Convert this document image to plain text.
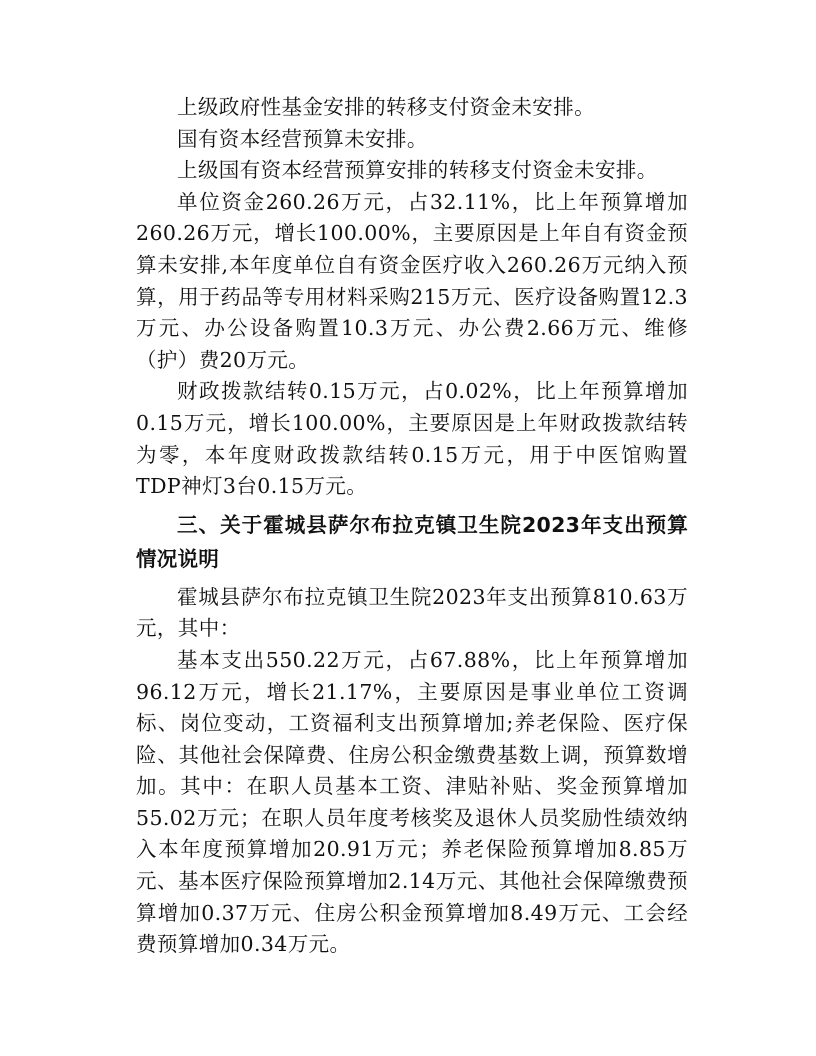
上级政府性基金安排的转移支付资金未安排。

国有资本经营预算未安排。

上级国有资本经营预算安排的转移支付资金未安排。

单位资金260.26万元，占32.11%，比上年预算增加260.26万元，增长100.00%，主要原因是上年自有资金预算未安排,本年度单位自有资金医疗收入260.26万元纳入预算，用于药品等专用材料采购215万元、医疗设备购置12.3万元、办公设备购置10.3万元、办公费2.66万元、维修（护）费20万元。

财政拨款结转0.15万元，占0.02%，比上年预算增加0.15万元，增长100.00%，主要原因是上年财政拨款结转为零，本年度财政拨款结转0.15万元，用于中医馆购置TDP神灯3台0.15万元。

三、关于霍城县萨尔布拉克镇卫生院2023年支出预算情况说明

霍城县萨尔布拉克镇卫生院2023年支出预算810.63万元，其中：

基本支出550.22万元，占67.88%，比上年预算增加96.12万元，增长21.17%，主要原因是事业单位工资调标、岗位变动，工资福利支出预算增加;养老保险、医疗保险、其他社会保障费、住房公积金缴费基数上调，预算数增加。其中：在职人员基本工资、津贴补贴、奖金预算增加55.02万元；在职人员年度考核奖及退休人员奖励性绩效纳入本年度预算增加20.91万元；养老保险预算增加8.85万元、基本医疗保险预算增加2.14万元、其他社会保障缴费预算增加0.37万元、住房公积金预算增加8.49万元、工会经费预算增加0.34万元。
